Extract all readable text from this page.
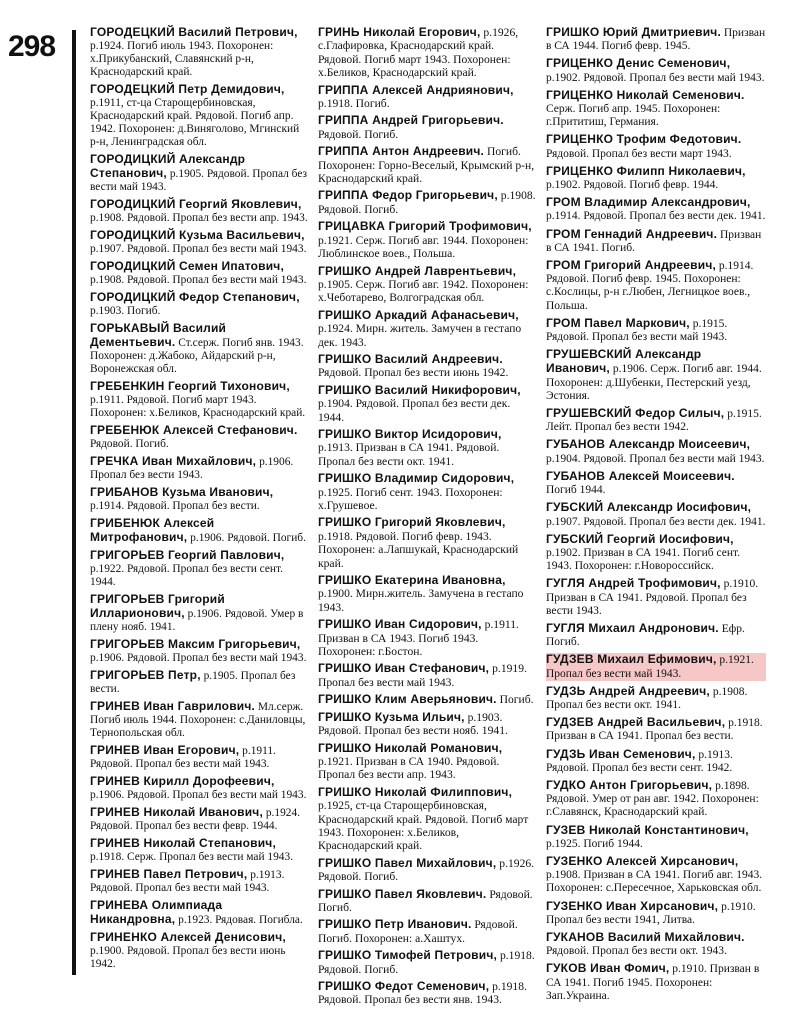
298	ГОРОДЕЦКИЙ Василий Петрович, р.1924. Погиб июль 1943. Похоронен: х.Прикубанский, Славянский р-н, Краснодарский край.

ГОРОДЕЦКИЙ Петр Демидович, р.1911, ст-ца Старощербиновская, Краснодарский край. Рядовой. Погиб апр. 1942. Похоронен: д.Виняголово, Мгинский р-н, Ленинградская обл.

ГОРОДИЦКИЙ Александр Степанович, р.1905. Рядовой. Пропал без вести май 1943.

ГОРОДИЦКИЙ Георгий Яковлевич, р.1908. Рядовой. Пропал без вести апр. 1943.

ГОРОДИЦКИЙ Кузьма Васильевич, р.1907. Рядовой. Пропал без вести май 1943.

ГОРОДИЦКИЙ Семен Ипатович, р.1908. Рядовой. Пропал без вести май 1943.

ГОРОДИЦКИЙ Федор Степанович, р.1903. Погиб.

ГОРЬКАВЫЙ Василий Дементьевич. Ст.серж. Погиб янв. 1943. Похоронен: д.Жабоко, Айдарский р-н, Воронежская обл.

ГРЕБЕНКИН Георгий Тихонович, р.1911. Рядовой. Погиб март 1943. Похоронен: х.Беликов, Краснодарский край.

ГРЕБЕНЮК Алексей Стефанович. Рядовой. Погиб.

ГРЕЧКА Иван Михайлович, р.1906. Пропал без вести 1943.

ГРИБАНОВ Кузьма Иванович, р.1914. Рядовой. Пропал без вести.

ГРИБЕНЮК Алексей Митрофанович, р.1906. Рядовой. Погиб.

ГРИГОРЬЕВ Георгий Павлович, р.1922. Рядовой. Пропал без вести сент. 1944.

ГРИГОРЬЕВ Григорий Илларионович, р.1906. Рядовой. Умер в плену нояб. 1941.

ГРИГОРЬЕВ Максим Григорьевич, р.1906. Рядовой. Пропал без вести май 1943.

ГРИГОРЬЕВ Петр, р.1905. Пропал без вести.

ГРИНЕВ Иван Гаврилович. Мл.серж. Погиб июль 1944. Похоронен: с.Даниловцы, Тернопольская обл.

ГРИНЕВ Иван Егорович, р.1911. Рядовой. Пропал без вести май 1943.

ГРИНЕВ Кирилл Дорофеевич, р.1906. Рядовой. Пропал без вести май 1943.

ГРИНЕВ Николай Иванович, р.1924. Рядовой. Пропал без вести февр. 1944.

ГРИНЕВ Николай Степанович, р.1918. Серж. Пропал без вести май 1943.

ГРИНЕВ Павел Петрович, р.1913. Рядовой. Пропал без вести май 1943.

ГРИНЕВА Олимпиада Никандровна, р.1923. Рядовая. Погибла.

ГРИНЕНКО Алексей Денисович, р.1900. Рядовой. Пропал без вести июнь 1942.

ГРИНЬ Николай Егорович, р.1926, с.Глафировка, Краснодарский край. Рядовой. Погиб март 1943. Похоронен: х.Беликов, Краснодарский край.

ГРИППА Алексей Андриянович, р.1918. Погиб.

ГРИППА Андрей Григорьевич. Рядовой. Погиб.

ГРИППА Антон Андреевич. Погиб. Похоронен: Горно-Веселый, Крымский р-н, Краснодарский край.

ГРИППА Федор Григорьевич, р.1908. Рядовой. Погиб.

ГРИЦАВКА Григорий Трофимович, р.1921. Серж. Погиб авг. 1944. Похоронен: Люблинское воев., Польша.

ГРИШКО Андрей Лаврентьевич, р.1905. Серж. Погиб авг. 1942. Похоронен: х.Чеботарево, Волгоградская обл.

ГРИШКО Аркадий Афанасьевич, р.1924. Мирн. житель. Замучен в гестапо дек. 1943.

ГРИШКО Василий Андреевич. Рядовой. Пропал без вести июнь 1942.

ГРИШКО Василий Никифорович, р.1904. Рядовой. Пропал без вести дек. 1944.

ГРИШКО Виктор Исидорович, р.1913. Призван в СА 1941. Рядовой. Пропал без вести окт. 1941.

ГРИШКО Владимир Сидорович, р.1925. Погиб сент. 1943. Похоронен: х.Грушевое.

ГРИШКО Григорий Яковлевич, р.1918. Рядовой. Погиб февр. 1943. Похоронен: а.Лапшукай, Краснодарский край.

ГРИШКО Екатерина Ивановна, р.1900. Мирн.житель. Замучена в гестапо 1943.

ГРИШКО Иван Сидорович, р.1911. Призван в СА 1943. Погиб 1943. Похоронен: г.Бостон.

ГРИШКО Иван Стефанович, р.1919. Пропал без вести май 1943.

ГРИШКО Клим Аверьянович. Погиб.

ГРИШКО Кузьма Ильич, р.1903. Рядовой. Пропал без вести нояб. 1941.

ГРИШКО Николай Романович, р.1921. Призван в СА 1940. Рядовой. Пропал без вести апр. 1943.

ГРИШКО Николай Филиппович, р.1925, ст-ца Старощербиновская, Краснодарский край. Рядовой. Погиб март 1943. Похоронен: х.Беликов, Краснодарский край.

ГРИШКО Павел Михайлович, р.1926. Рядовой. Погиб.

ГРИШКО Павел Яковлевич. Рядовой. Погиб.

ГРИШКО Петр Иванович. Рядовой. Погиб. Похоронен: а.Хаштух.

ГРИШКО Тимофей Петрович, р.1918. Рядовой. Погиб.

ГРИШКО Федот Семенович, р.1918. Рядовой. Пропал без вести янв. 1943.

ГРИШКО Юрий Дмитриевич. Призван в СА 1944. Погиб февр. 1945.

ГРИЦЕНКО Денис Семенович, р.1902. Рядовой. Пропал без вести май 1943.

ГРИЦЕНКО Николай Семенович. Серж. Погиб апр. 1945. Похоронен: г.Прититиш, Германия.

ГРИЦЕНКО Трофим Федотович. Рядовой. Пропал без вести март 1943.

ГРИЦЕНКО Филипп Николаевич, р.1902. Рядовой. Погиб февр. 1944.

ГРОМ Владимир Александрович, р.1914. Рядовой. Пропал без вести дек. 1941.

ГРОМ Геннадий Андреевич. Призван в СА 1941. Погиб.

ГРОМ Григорий Андреевич, р.1914. Рядовой. Погиб февр. 1945. Похоронен: с.Кослицы, р-н г.Любен, Легницкое воев., Польша.

ГРОМ Павел Маркович, р.1915. Рядовой. Пропал без вести май 1943.

ГРУШЕВСКИЙ Александр Иванович, р.1906. Серж. Погиб авг. 1944. Похоронен: д.Шубенки, Пестерский уезд, Эстония.

ГРУШЕВСКИЙ Федор Силыч, р.1915. Лейт. Пропал без вести 1942.

ГУБАНОВ Александр Моисеевич, р.1904. Рядовой. Пропал без вести май 1943.

ГУБАНОВ Алексей Моисеевич. Погиб 1944.

ГУБСКИЙ Александр Иосифович, р.1907. Рядовой. Пропал без вести дек. 1941.

ГУБСКИЙ Георгий Иосифович, р.1902. Призван в СА 1941. Погиб сент. 1943. Похоронен: г.Новороссийск.

ГУГЛЯ Андрей Трофимович, р.1910. Призван в СА 1941. Рядовой. Пропал без вести 1943.

ГУГЛЯ Михаил Андронович. Ефр. Погиб.

ГУДЗЕВ Михаил Ефимович, р.1921. Пропал без вести май 1943.

ГУДЗЬ Андрей Андреевич, р.1908. Пропал без вести окт. 1941.

ГУДЗЕВ Андрей Васильевич, р.1918. Призван в СА 1941. Пропал без вести.

ГУДЗЬ Иван Семенович, р.1913. Рядовой. Пропал без вести сент. 1942.

ГУДКО Антон Григорьевич, р.1898. Рядовой. Умер от ран авг. 1942. Похоронен: г.Славянск, Краснодарский край.

ГУЗЕВ Николай Константинович, р.1925. Погиб 1944.

ГУЗЕНКО Алексей Хирсанович, р.1908. Призван в СА 1941. Погиб авг. 1943. Похоронен: с.Пересечное, Харьковская обл.

ГУЗЕНКО Иван Хирсанович, р.1910. Пропал без вести 1941, Литва.

ГУКАНОВ Василий Михайлович. Рядовой. Пропал без вести окт. 1943.

ГУКОВ Иван Фомич, р.1910. Призван в СА 1941. Погиб 1945. Похоронен: Зап.Украина.
